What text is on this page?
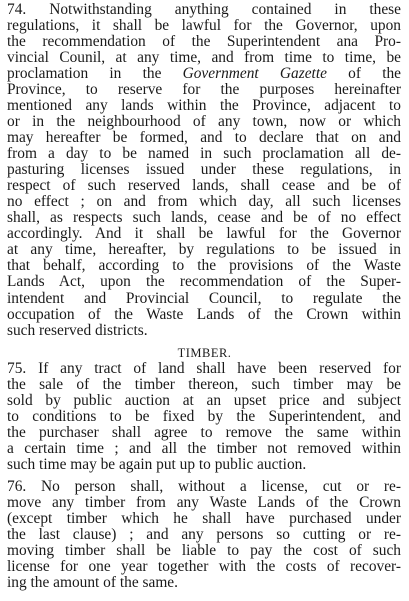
74. Notwithstanding anything contained in these
regulations, it shall be lawful for the Governor, upon
the recommendation of the Superintendent ana Pro-
vincial Counil, at any time, and from time to time, be
proclamation in the Government Gazette of the
Province, to reserve for the purposes hereinafter
mentioned any lands within the Province, adjacent to
or in the neighbourhood of any town, now or which
may hereafter be formed, and to declare that on and
from a day to be named in such proclamation all de-
pasturing licenses issued under these regulations, in
respect of such reserved lands, shall cease and be of
no effect ; on and from which day, all such licenses
shall, as respects such lands, cease and be of no effect
accordingly. And it shall be lawful for the Governor
at any time, hereafter, by regulations to be issued in
that behalf, according to the provisions of the Waste
Lands Act, upon the recommendation of the Super-
intendent and Provincial Council, to regulate the
occupation of the Waste Lands of the Crown within
such reserved districts.
TIMBER.
75. If any tract of land shall have been reserved for
the sale of the timber thereon, such timber may be
sold by public auction at an upset price and subject
to conditions to be fixed by the Superintendent, and
the purchaser shall agree to remove the same within
a certain time ; and all the timber not removed within
such time may be again put up to public auction.
76. No person shall, without a license, cut or re-
move any timber from any Waste Lands of the Crown
(except timber which he shall have purchased under
the last clause) ; and any persons so cutting or re-
moving timber shall be liable to pay the cost of such
license for one year together with the costs of recover-
ing the amount of the same.
